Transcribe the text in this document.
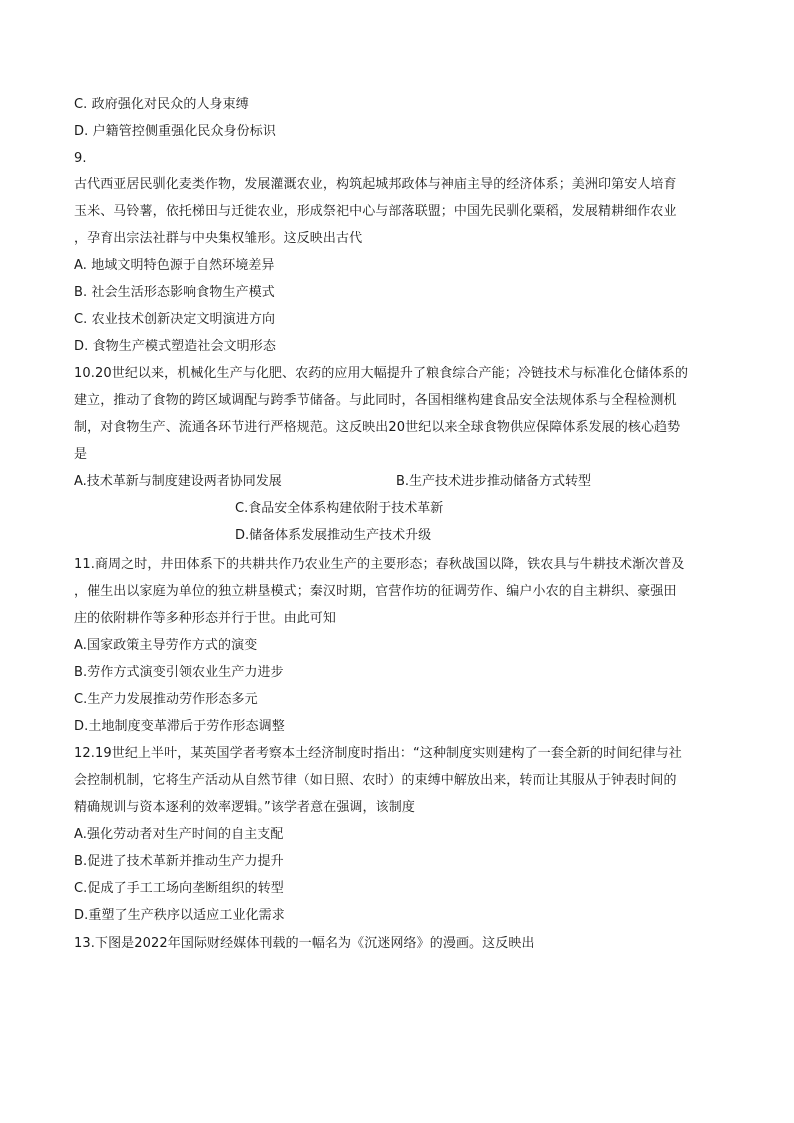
C. 政府强化对民众的人身束缚
D. 户籍管控侧重强化民众身份标识
9.
古代西亚居民驯化麦类作物，发展灌溉农业，构筑起城邦政体与神庙主导的经济体系；美洲印第安人培育
玉米、马铃薯，依托梯田与迁徙农业，形成祭祀中心与部落联盟；中国先民驯化粟稻，发展精耕细作农业
，孕育出宗法社群与中央集权雏形。这反映出古代
A. 地域文明特色源于自然环境差异
B. 社会生活形态影响食物生产模式
C. 农业技术创新决定文明演进方向
D. 食物生产模式塑造社会文明形态
10.20世纪以来，机械化生产与化肥、农药的应用大幅提升了粮食综合产能；冷链技术与标准化仓储体系的
建立，推动了食物的跨区域调配与跨季节储备。与此同时，各国相继构建食品安全法规体系与全程检测机
制，对食物生产、流通各环节进行严格规范。这反映出20世纪以来全球食物供应保障体系发展的核心趋势
是
A.技术革新与制度建设两者协同发展	B.生产技术进步推动储备方式转型
C.食品安全体系构建依附于技术革新
D.储备体系发展推动生产技术升级
11.商周之时，井田体系下的共耕共作乃农业生产的主要形态；春秋战国以降，铁农具与牛耕技术渐次普及
，催生出以家庭为单位的独立耕垦模式；秦汉时期，官营作坊的征调劳作、编户小农的自主耕织、豪强田
庄的依附耕作等多种形态并行于世。由此可知
A.国家政策主导劳作方式的演变
B.劳作方式演变引领农业生产力进步
C.生产力发展推动劳作形态多元
D.土地制度变革滞后于劳作形态调整
12.19世纪上半叶，某英国学者考察本土经济制度时指出：“这种制度实则建构了一套全新的时间纪律与社
会控制机制，它将生产活动从自然节律（如日照、农时）的束缚中解放出来，转而让其服从于钟表时间的
精确规训与资本逐利的效率逻辑。”该学者意在强调，该制度
A.强化劳动者对生产时间的自主支配
B.促进了技术革新并推动生产力提升
C.促成了手工工场向垄断组织的转型
D.重塑了生产秩序以适应工业化需求
13.下图是2022年国际财经媒体刊载的一幅名为《沉迷网络》的漫画。这反映出
